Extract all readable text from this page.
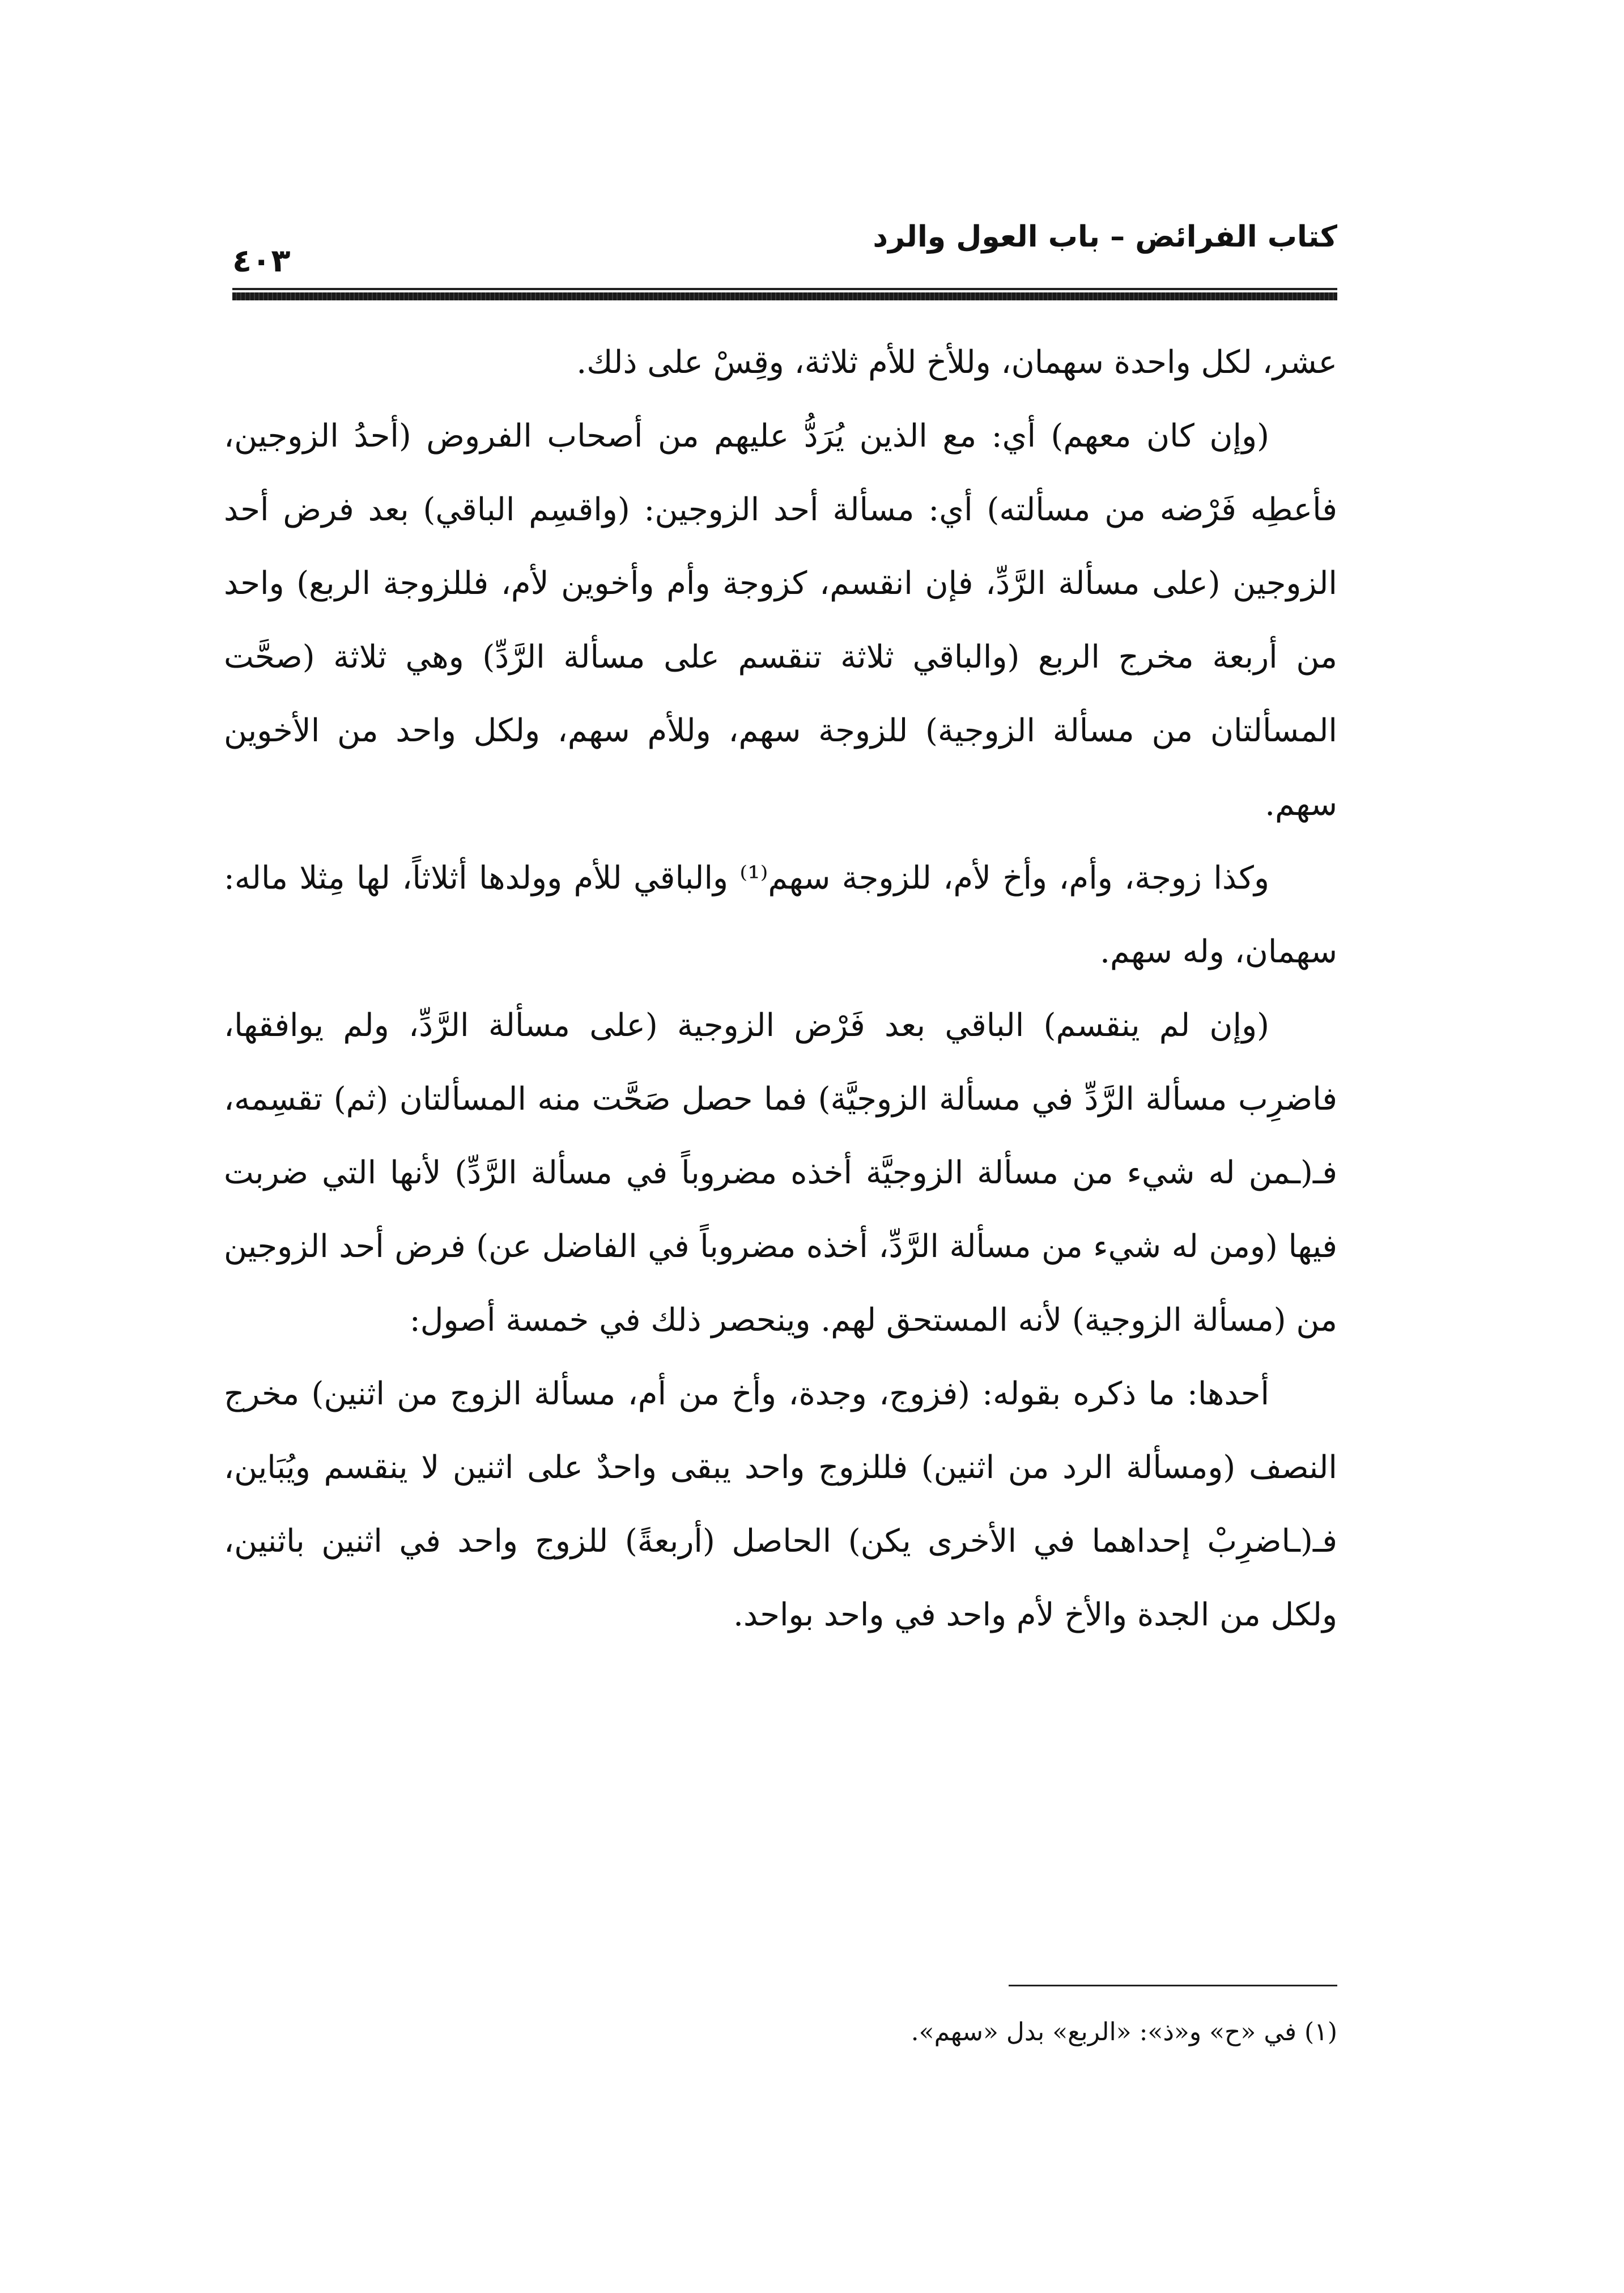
كتاب الفرائض – باب العول والرد
٤٠٣

عشر، لكل واحدة سهمان، وللأخ للأم ثلاثة، وقِسْ على ذلك.

(وإن كان معهم) أي: مع الذين يُرَدُّ عليهم من أصحاب الفروض (أحدُ الزوجين، فأعطِه فَرْضه من مسألته) أي: مسألة أحد الزوجين: (واقسِم الباقي) بعد فرض أحد الزوجين (على مسألة الرَّدِّ، فإن انقسم، كزوجة وأم وأخوين لأم، فللزوجة الربع) واحد من أربعة مخرج الربع (والباقي ثلاثة تنقسم على مسألة الرَّدِّ) وهي ثلاثة (صحَّت المسألتان من مسألة الزوجية) للزوجة سهم، وللأم سهم، ولكل واحد من الأخوين سهم.

وكذا زوجة، وأم، وأخ لأم، للزوجة سهم⁽¹⁾ والباقي للأم وولدها أثلاثاً، لها مِثلا ماله: سهمان، وله سهم.

(وإن لم ينقسم) الباقي بعد فَرْض الزوجية (على مسألة الرَّدِّ، ولم يوافقها، فاضرِب مسألة الرَّدِّ في مسألة الزوجيَّة) فما حصل صَحَّت منه المسألتان (ثم) تقسِمه، فـ(ـمن له شيء من مسألة الزوجيَّة أخذه مضروباً في مسألة الرَّدِّ) لأنها التي ضربت فيها (ومن له شيء من مسألة الرَّدِّ، أخذه مضروباً في الفاضل عن) فرض أحد الزوجين من (مسألة الزوجية) لأنه المستحق لهم. وينحصر ذلك في خمسة أصول:

أحدها: ما ذكره بقوله: (فزوج، وجدة، وأخ من أم، مسألة الزوج من اثنين) مخرج النصف (ومسألة الرد من اثنين) فللزوج واحد يبقى واحدٌ على اثنين لا ينقسم ويُبَاين، فـ(ـاضرِبْ إحداهما في الأخرى يكن) الحاصل (أربعةً) للزوج واحد في اثنين باثنين، ولكل من الجدة والأخ لأم واحد في واحد بواحد.

(١) في «ح» و«ذ»: «الربع» بدل «سهم».
